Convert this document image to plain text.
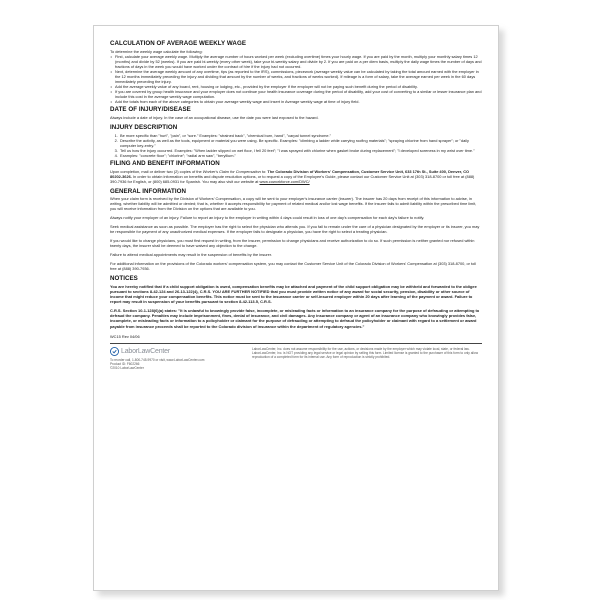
CALCULATION OF AVERAGE WEEKLY WAGE

To determine the weekly wage calculate the following:

• First, calculate your average weekly wage. Multiply the average number of hours worked per week (excluding overtime) times your hourly wage. If you are paid by the month, multiply your monthly salary times 12 (months) and divide by 52 (weeks). If you are paid bi-weekly (every other week), take your bi-weekly salary and divide by 2. If you are paid on a per diem basis, multiply the daily wage times the number of days and fractions of days in the week you would have worked under the contract of hire if the injury had not occurred.
• Next, determine the average weekly amount of any overtime, tips (as reported to the IRS), commissions, piecework (average weekly value can be calculated by taking the total amount earned with the employer in the 12 months immediately preceding the injury and dividing that amount by the number of weeks, and fractions of weeks worked). If mileage is a form of salary, take the average earned per week in the 60 days immediately preceding the injury.
• Add the average weekly value of any board, rent, housing or lodging, etc., provided by the employer if the employer will not be paying such benefit during the period of disability.
• If you are covered by group health insurance and your employer does not continue your health insurance coverage during the period of disability, add your cost of converting to a similar or lesser insurance plan and include this cost in the average weekly wage computation.
• Add the totals from each of the above categories to obtain your average weekly wage and insert in Average weekly wage at time of injury field.
DATE OF INJURY/DISEASE

Always include a date of injury. In the case of an occupational disease, use the date you were last exposed to the hazard.

INJURY DESCRIPTION
1. Be more specific than "hurt", "pain", or "sore." Examples: "strained back", "chemical burn, hand", "carpal tunnel syndrome."
2. Describe the activity, as well as the tools, equipment or material you were using. Be specific. Examples: "climbing a ladder while carrying roofing materials"; "spraying chlorine from hand sprayer"; or "daily computer key-entry."
3. Tell us how the injury occurred. Examples: "When ladder slipped on wet floor, I fell 20 feet"; "I was sprayed with chlorine when gasket broke during replacement"; "I developed soreness in my wrist over time."
4. Examples: "concrete floor"; "chlorine"; "radial arm saw", "beryllium."
FILING AND BENEFIT INFORMATION

Upon completion, mail or deliver two (2) copies of the Worker's Claim for Compensation to: The Colorado Division of Workers' Compensation, Customer Service Unit, 633 17th St., Suite 400, Denver, CO 80202-3626. In order to obtain information on benefits and dispute resolution options, or to request a copy of the Employee's Guide, please contact our Customer Service Unit at (303) 318-8700 or toll free at (888) 390-7936 for English, or (800) 685-0931 for Spanish. You may also visit our website at www.coworkforce.com/DWC/

GENERAL INFORMATION

When your claim form is received by the Division of Workers' Compensation, a copy will be sent to your employer's insurance carrier (insurer). The insurer has 20 days from receipt of this information to advise, in writing, whether liability will be admitted or denied; that is, whether it accepts responsibility for payment of related medical and/or lost wage benefits. If the insurer fails to admit liability within the prescribed time limit, you will receive information from the Division on the options that are available to you.

Always notify your employer of an injury. Failure to report an injury to the employer in writing within 4 days could result in loss of one day's compensation for each day's failure to notify.

Seek medical assistance as soon as possible. The employer has the right to select the physician who attends you. If you fail to remain under the care of a physician designated by the employer or its insurer, you may be responsible for payment of any unauthorized medical expenses. If the employer fails to designate a physician, you have the right to select a treating physician.

If you would like to change physicians, you must first request in writing, from the insurer, permission to change physicians and receive authorization to do so. If such permission is neither granted nor refused within twenty days, the insurer shall be deemed to have waived any objection to the change.

Failure to attend medical appointments may result in the suspension of benefits by the insurer.

For additional information on the provisions of the Colorado workers' compensation system, you may contact the Customer Service Unit of the Colorado Division of Workers' Compensation at (303) 318-8700, or toll free at (888) 390-7936.

NOTICES

You are hereby notified that if a child support obligation is owed, compensation benefits may be attached and payment of the child support obligation may be withheld and forwarded to the obligee pursuant to sections 8-42-124 and 26-13-122(4), C.R.S. YOU ARE FURTHER NOTIFIED that you must provide written notice of any award for social security, pension, disability or other source of income that might reduce your compensation benefits. This notice must be sent to the insurance carrier or self-insured employer within 20 days after learning of the payment or award. Failure to report may result in suspension of your benefits pursuant to section 8-42-113.5, C.R.S.

C.R.S. Section 10-1-128(6)(a) states: "It is unlawful to knowingly provide false, incomplete, or misleading facts or information to an insurance company for the purpose of defrauding or attempting to defraud the company. Penalties may include imprisonment, fines, denial of insurance, and civil damages. Any insurance company or agent of an insurance company who knowingly provides false, incomplete, or misleading facts or information to a policyholder or claimant for the purpose of defrauding or attempting to defraud the policyholder or claimant with regard to a settlement or award payable from insurance proceeds shall be reported to the Colorado division of insurance within the department of regulatory agencies."

WC15 Rev 04/06
LaborLawCenter
To reorder call, 1-800-745-9970 or visit, www.LaborLawCenter.com
Product ID: F602266
©2010 LaborLawCenter
LaborLawCenter, Inc. does not assume responsibility for the use, actions, or decisions made by the employer which may violate local, state, or federal law. LaborLawCenter, Inc. is NOT providing any legal service or legal opinion by selling this form. Limited license is granted to the purchaser of this form to only allow reproduction of a completed form for its internal use. Any form of reproduction is strictly prohibited.
